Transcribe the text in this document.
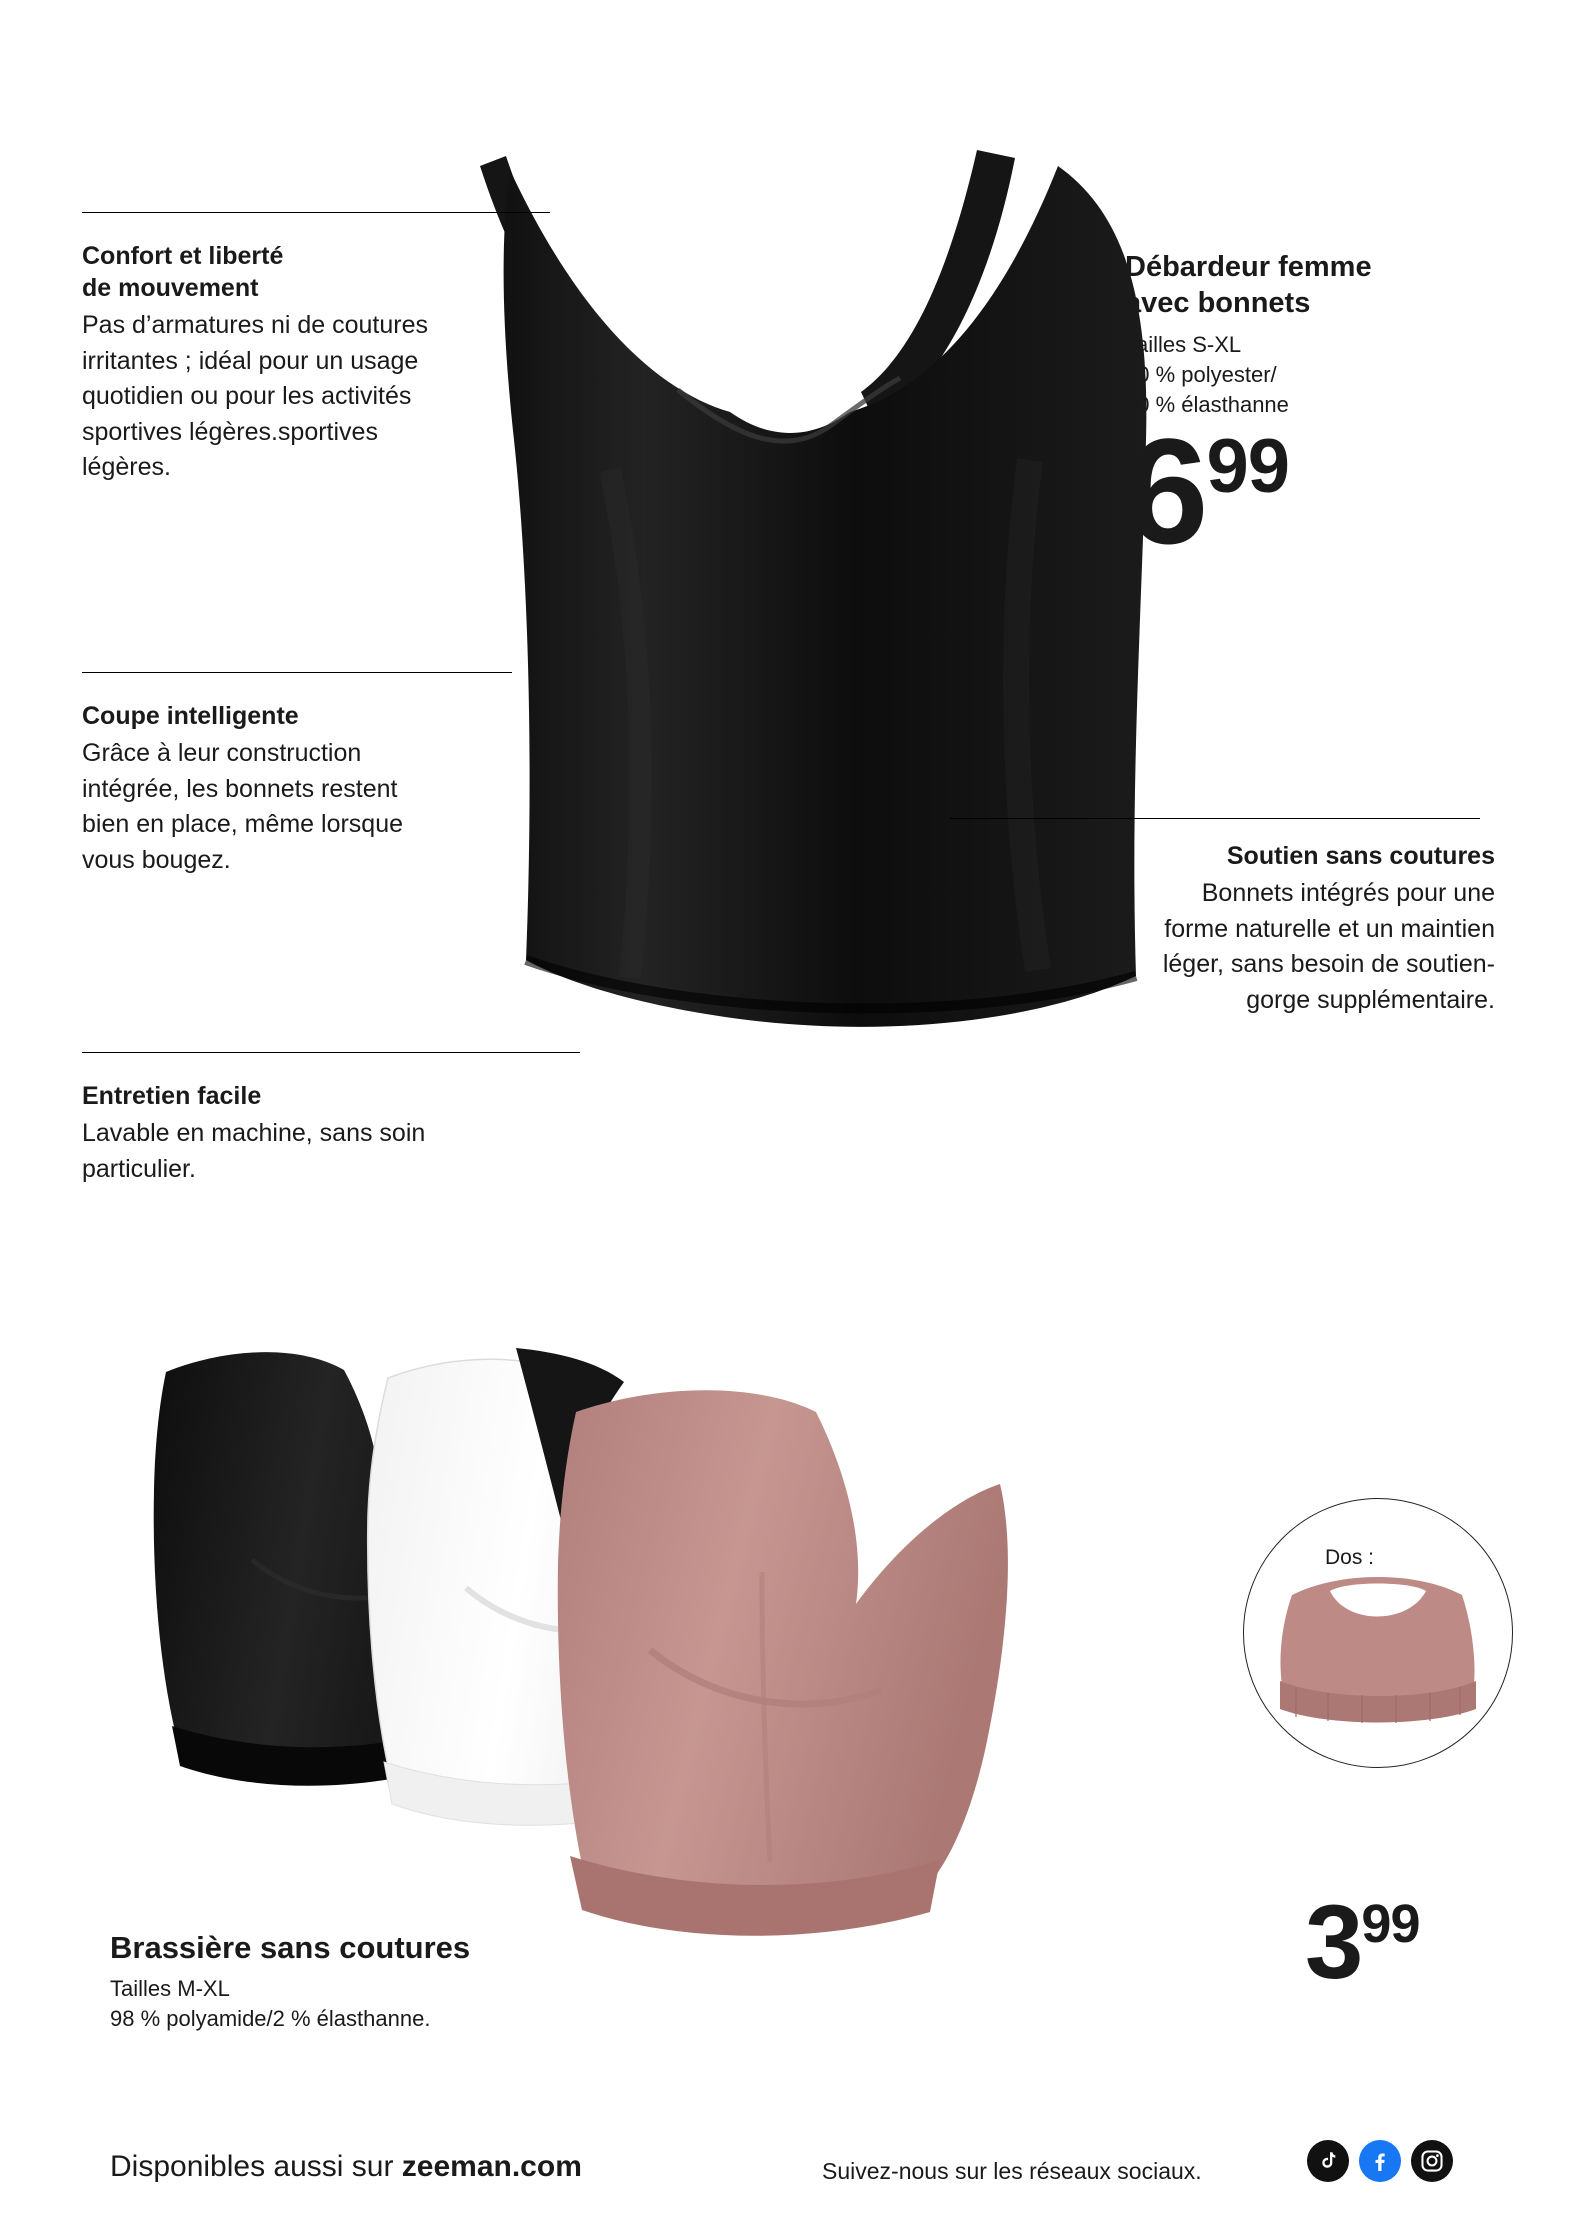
Dos :

Confort et liberté
de mouvement

Pas d’armatures ni de coutures irritantes ; idéal pour un usage quotidien ou pour les activités sportives légères.sportives légères.

Coupe intelligente

Grâce à leur construction intégrée, les bonnets restent bien en place, même lorsque vous bougez.

Entretien facile

Lavable en machine, sans soin particulier.

Soutien sans coutures

Bonnets intégrés pour une forme naturelle et un maintien léger, sans besoin de soutien-gorge supplémentaire.

Débardeur femme
avec bonnets

Tailles S-XL

90 % polyester/

10 % élasthanne

$6^{99}$

Brassière sans coutures

Tailles M-XL

98 % polyamide/2 % élasthanne.

$3^{99}$
Disponibles aussi sur zeeman.com	Suivez-nous sur les réseaux sociaux.
